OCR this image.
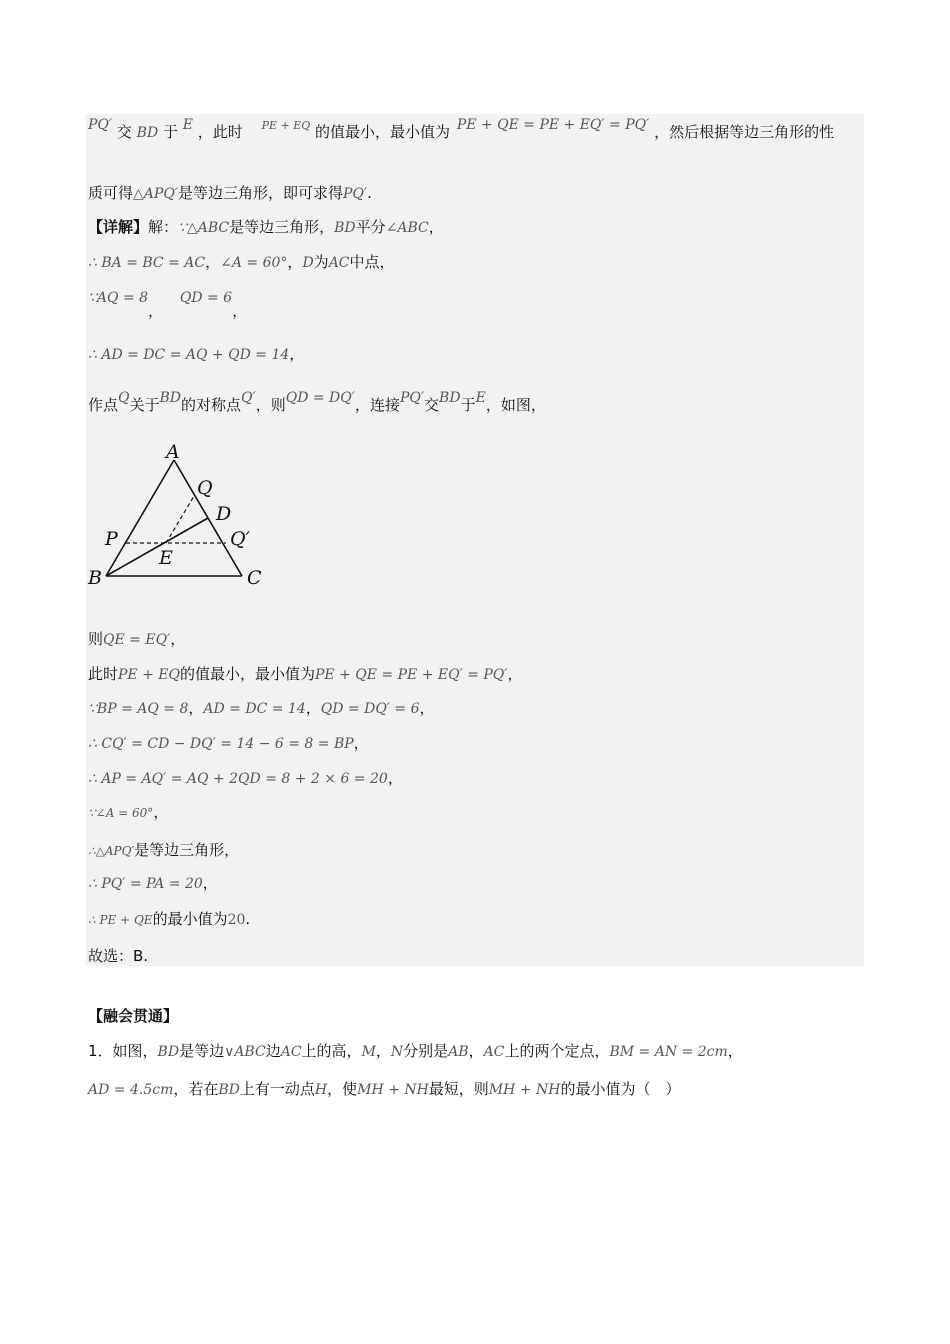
PQ′ 交 BD 于 E ，此时 $^{PE + EQ}$ 的值最小，最小值为 PE + QE = PE + EQ′ = PQ′ ，然后根据等边三角形的性
质可得△APQ′是等边三角形，即可求得PQ′.
【详解】解：∵△ABC是等边三角形，BD平分∠ABC，
∴ BA = BC = AC，∠A = 60°，D为AC中点，
∵AQ = 8， QD = 6，
∴ AD = DC = AQ + QD = 14，
作点Q关于BD的对称点Q′，则QD = DQ′，连接PQ′交BD于E，如图，
A
Q
D
P	Q′
E
B	C
则QE = EQ′，
此时PE + EQ的值最小，最小值为PE + QE = PE + EQ′ = PQ′，
∵BP = AQ = 8，AD = DC = 14，QD = DQ′ = 6，
∴ CQ′ = CD − DQ′ = 14 − 6 = 8 = BP，
∴ AP = AQ′ = AQ + 2QD = 8 + 2 × 6 = 20，
∵∠A = 60°，
∴△APQ′是等边三角形，
∴ PQ′ = PA = 20，
∴ PE + QE的最小值为20.
故选：B.
【融会贯通】
1．如图，BD是等边∨ABC边AC上的高，M，N分别是AB，AC上的两个定点，BM = AN = 2cm，
AD = 4.5cm，若在BD上有一动点H，使MH + NH最短，则MH + NH的最小值为（　）
